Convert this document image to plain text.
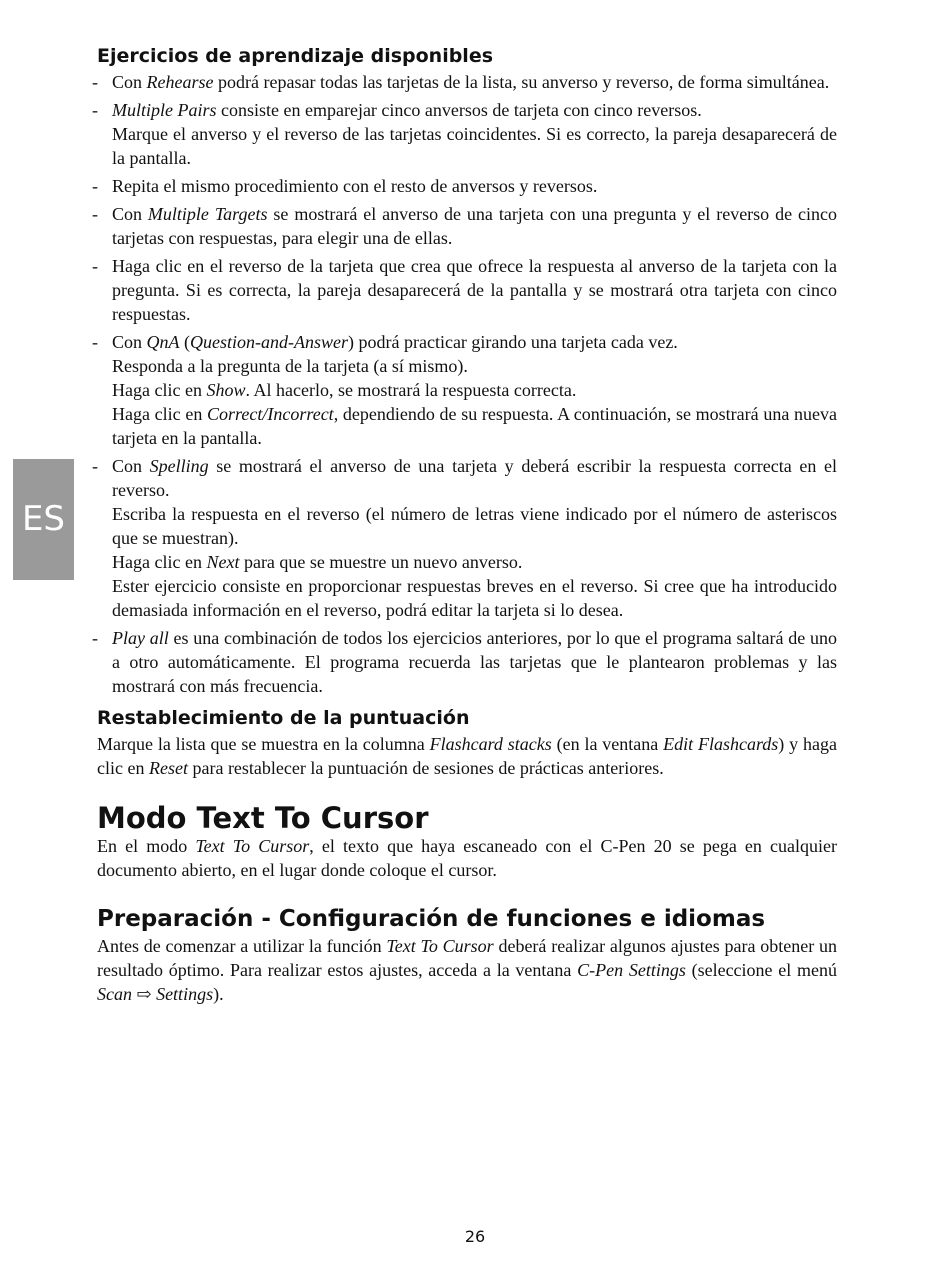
ES
Ejercicios de aprendizaje disponibles
- Con Rehearse podrá repasar todas las tarjetas de la lista, su anverso y reverso, de forma simultánea.

- Multiple Pairs consiste en emparejar cinco anversos de tarjeta con cinco reversos.

Marque el anverso y el reverso de las tarjetas coincidentes. Si es correcto, la pareja desaparecerá de la pantalla.

- Repita el mismo procedimiento con el resto de anversos y reversos.

- Con Multiple Targets se mostrará el anverso de una tarjeta con una pregunta y el reverso de cinco tarjetas con respuestas, para elegir una de ellas.

- Haga clic en el reverso de la tarjeta que crea que ofrece la respuesta al anverso de la tarjeta con la pregunta. Si es correcta, la pareja desaparecerá de la pantalla y se mostrará otra tarjeta con cinco respuestas.

- Con QnA (Question-and-Answer) podrá practicar girando una tarjeta cada vez.

Responda a la pregunta de la tarjeta (a sí mismo).

Haga clic en Show. Al hacerlo, se mostrará la respuesta correcta.

Haga clic en Correct/Incorrect, dependiendo de su respuesta. A continuación, se mostrará una nueva tarjeta en la pantalla.

- Con Spelling se mostrará el anverso de una tarjeta y deberá escribir la respuesta correcta en el reverso.

Escriba la respuesta en el reverso (el número de letras viene indicado por el número de asteriscos que se muestran).

Haga clic en Next para que se muestre un nuevo anverso.

Ester ejercicio consiste en proporcionar respuestas breves en el reverso. Si cree que ha introducido demasiada información en el reverso, podrá editar la tarjeta si lo desea.

- Play all es una combinación de todos los ejercicios anteriores, por lo que el programa saltará de uno a otro automáticamente. El programa recuerda las tarjetas que le plantearon problemas y las mostrará con más frecuencia.

Restablecimiento de la puntuación

Marque la lista que se muestra en la columna Flashcard stacks (en la ventana Edit Flashcards) y haga clic en Reset para restablecer la puntuación de sesiones de prácticas anteriores.

Modo Text To Cursor

En el modo Text To Cursor, el texto que haya escaneado con el C-Pen 20 se pega en cualquier documento abierto, en el lugar donde coloque el cursor.

Preparación - Configuración de funciones e idiomas

Antes de comenzar a utilizar la función Text To Cursor deberá realizar algunos ajustes para obtener un resultado óptimo. Para realizar estos ajustes, acceda a la ventana C-Pen Settings (seleccione el menú Scan ⇨ Settings).

26
